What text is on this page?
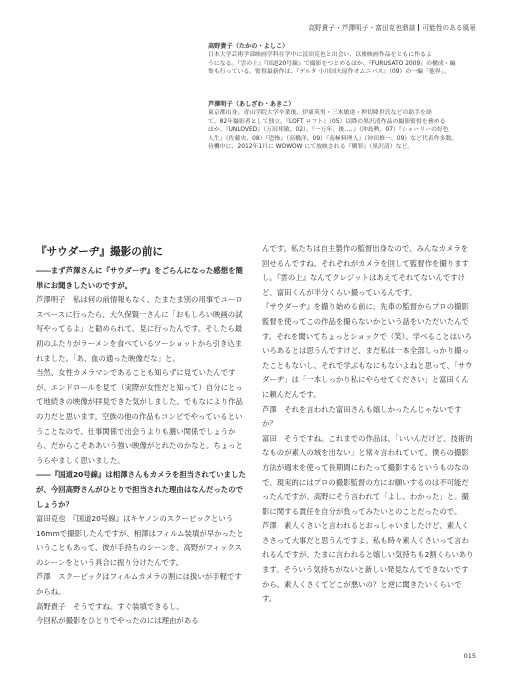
高野貴子・芦澤明子・富田克也鼎談 可能性のある風景
高野貴子（たかの・よしこ）
日本大学芸術学部映画学科在学中に冨田克也と出会い、以後映画作品をともに作るよ
うになる。『雲の上』『国道20号線』で撮影をつとめるほか、『FURUSATO 2009』の構成・編
集も行っている。監督最新作は、『デルタ 小川国夫原作オムニバス』（09）の一編「他界」。
芦澤明子（あしざわ・あきこ）
東京都出身。青山学院大学卒業後、伊東英男・三木敏達・押切隆世氏などの助手を経
て、82年撮影者として独立。『LOFT ロフト』（05）以降の黒沢清作品の撮影監督を務める
ほか、『UNLOVED』（万田邦敏、02）、『一万年、後…。』（沖島勲、07）『シャーリーの好色
人生』（佐藤央、08）『恐怖』（高橋洋、09）『南極料理人』（沖田修一、09）など代表作多数。
待機中に、2012年1月に WOWOW にて放映される『贖罪』（黒沢清）など。
『サウダーヂ』撮影の前に

――まず芦澤さんに『サウダーヂ』をごらんになった感想を簡単にお聞きしたいのですが。

芦澤明子　私は何の前情報もなく、たまたま別の用事でユーロスペースに行ったら、大久保賢一さんに「おもしろい映画の試写やってるよ」と勧められて、見に行ったんです。そしたら最初のふたりがラーメンを食べているツーショットから引き込まれました。「あ、血の通った映像だな」と。

当然、女性カメラマンであることも知らずに見ていたんですが、エンドロールを見て（実際が女性だと知って）自分にとって地続きの映像が拝見できた気がしました。でもなにより作品の力だと思います。空族の他の作品もコンビでやっているということなので、仕事関係で出会うよりも濃い関係でしょうから、だからこそああいう強い映像がとれたのかなと。ちょっとうらやましく思いました。

――『国道20号線』は相澤さんもカメラを担当されていましたが、今回高野さんがひとりで担当された理由はなんだったのでしょうか？

富田克也　『国道20号線』はキヤノンのスクーピックという16mmで撮影したんですが、相澤はフィルム装填が早かったということもあって、彼が手持ちのシーンを、高野がフィックスのシーンをという具合に振り分けたんです。

芦澤　スクーピックはフィルムカメラの割には扱いが手軽ですからね。

高野貴子　そうですね。すぐ装填できるし。

今回私が撮影をひとりでやったのには理由がある

んです。私たちは自主製作の監督出身なので、みんなカメラを回せるんですね。それぞれがカメラを回して監督作を撮りますし。『雲の上』なんてクレジットはあえてそれてないんですけど、富田くんが半分くらい撮っているんです。

『サウダーヂ』を撮り始める前に、先車の監督からプロの撮影監督を使ってこの作品を撮らないかという話をいただいたんです。それを聞いてちょっとショックで（笑）。学べることはいろいろあるとは思うんですけど、まだ私は一本全部しっかり撮ったこともないし、それで学ぶもなにもないよねと思って、「サウダーヂ」は「一本しっかり私にやらせてください」と富田くんに頼んだんです。

芦澤　それを言われた富田さんも嬉しかったんじゃないですか？

富田　そうですね。これまでの作品は、「いいんだけど、技術的なものが素人の域を出ない」と常々言われていて。僕らの撮影方法が週末を使って長期間にわたって撮影するというものなので、現実的にはプロの撮影監督の方にお願いするのは不可能だったんですが、高野にそう言われて「よし、わかった」と。撮影に関する責任を自分が負ってみたいとのことだったので。

芦澤　素人くさいと言われるとおっしゃいましたけど、素人くささって大事だと思うんですよ。私も時々素人くさいって言われるんですが、たまに言われると嬉しい気持ちも2割くらいあります。そういう気持ちがないと新しい発見なんてできないですから。素人くさくてどこが悪いの？と逆に聞きたいくらいです。

015
